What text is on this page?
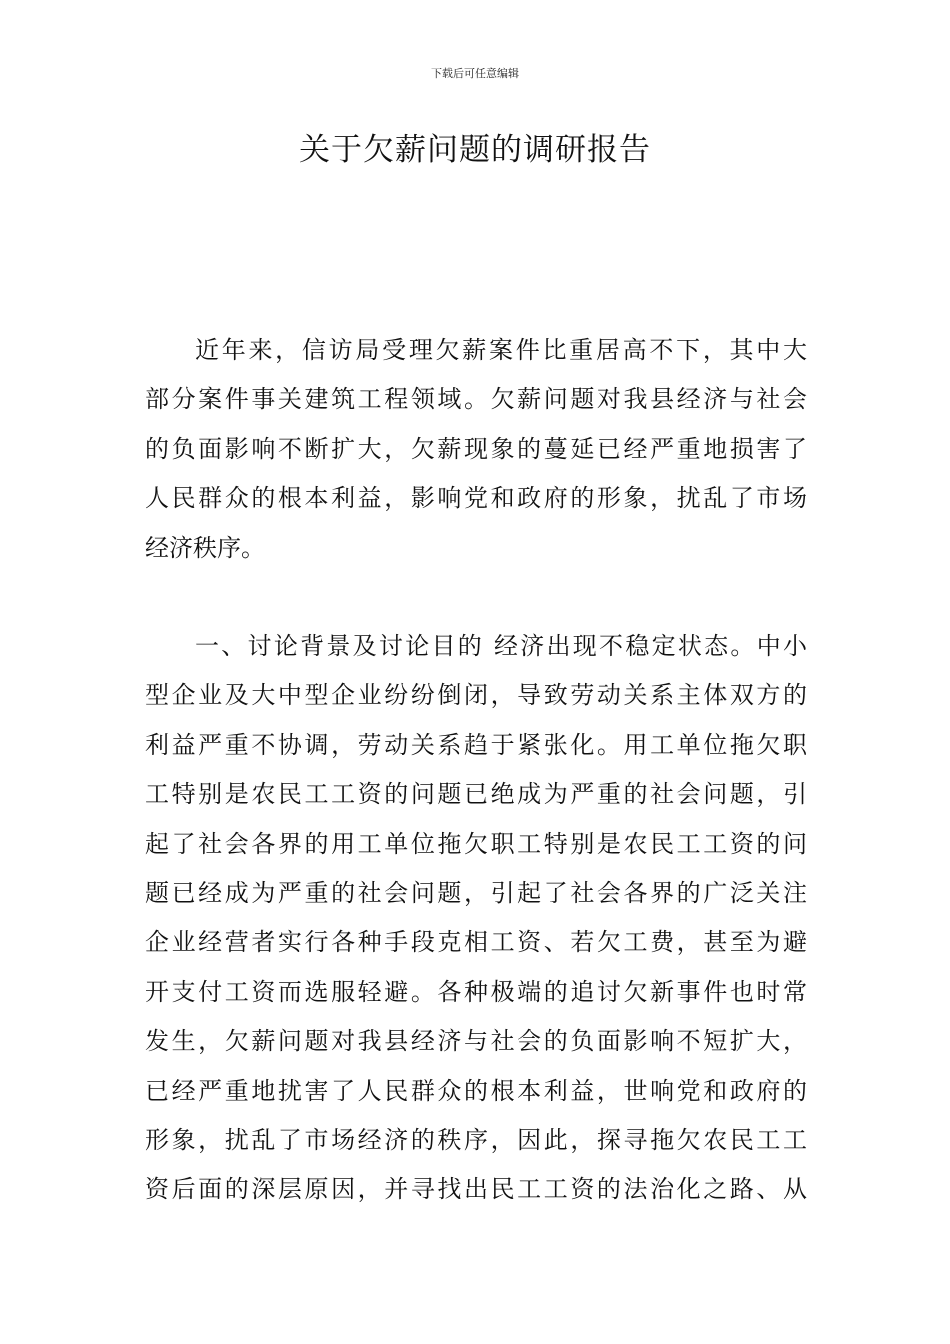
下载后可任意编辑
关于欠薪问题的调研报告
近年来，信访局受理欠薪案件比重居高不下，其中大
部分案件事关建筑工程领域。欠薪问题对我县经济与社会
的负面影响不断扩大，欠薪现象的蔓延已经严重地损害了
人民群众的根本利益，影响党和政府的形象，扰乱了市场
经济秩序。
一、讨论背景及讨论目的 经济出现不稳定状态。中小
型企业及大中型企业纷纷倒闭，导致劳动关系主体双方的
利益严重不协调，劳动关系趋于紧张化。用工单位拖欠职
工特别是农民工工资的问题已绝成为严重的社会问题，引
起了社会各界的用工单位拖欠职工特别是农民工工资的问
题已经成为严重的社会问题，引起了社会各界的广泛关注
企业经营者实行各种手段克相工资、若欠工费，甚至为避
开支付工资而选服轻避。各种极端的追讨欠新事件也时常
发生，欠薪问题对我县经济与社会的负面影响不短扩大，
已经严重地扰害了人民群众的根本利益，世响党和政府的
形象，扰乱了市场经济的秩序，因此，探寻拖欠农民工工
资后面的深层原因，并寻找出民工工资的法治化之路、从
